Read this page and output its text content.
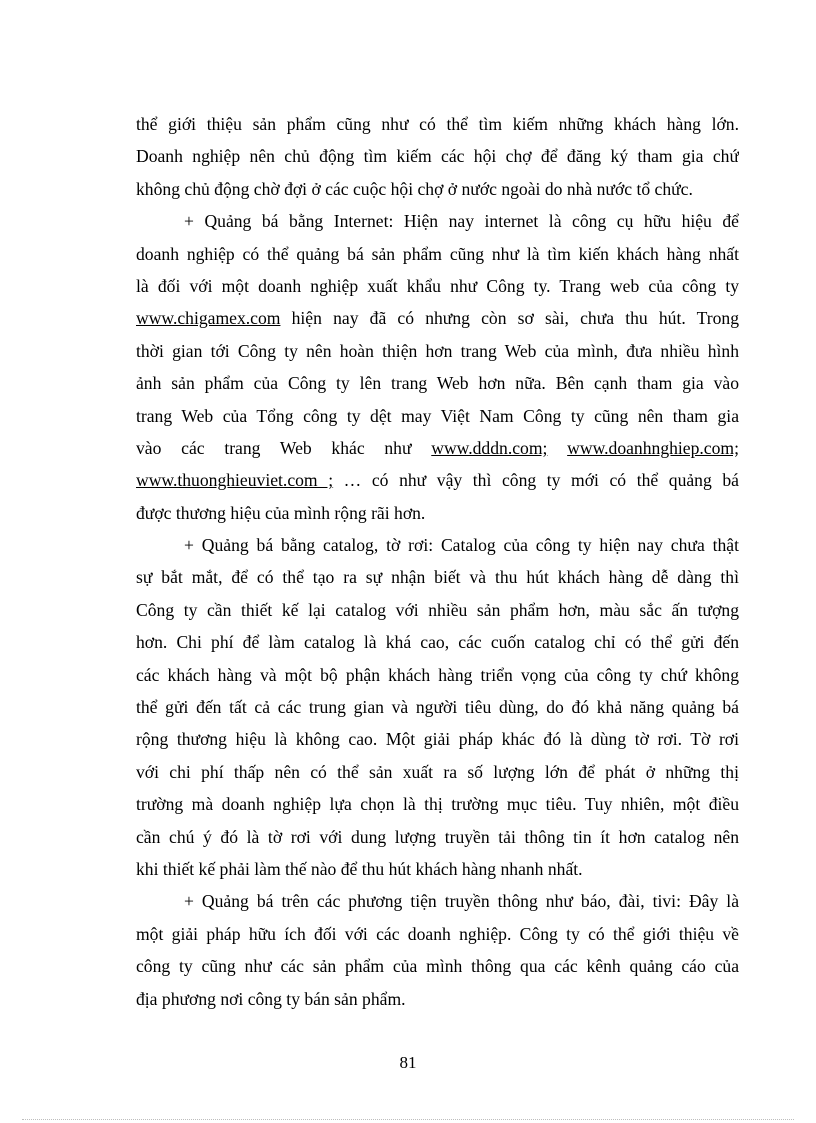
thể giới thiệu sản phẩm cũng như có thể tìm kiếm những khách hàng lớn.
Doanh nghiệp nên chủ động tìm kiếm các hội chợ để đăng ký tham gia chứ
không chủ động chờ đợi ở các cuộc hội chợ ở nước ngoài do nhà nước tổ chức.
+ Quảng bá bằng Internet: Hiện nay internet là công cụ hữu hiệu để
doanh nghiệp có thể quảng bá sản phẩm cũng như là tìm kiến khách hàng nhất
là đối với một doanh nghiệp xuất khẩu như Công ty. Trang web của công ty
www.chigamex.com hiện nay đã có nhưng còn sơ sài, chưa thu hút. Trong
thời gian tới Công ty nên hoàn thiện hơn trang Web của mình, đưa nhiều hình
ảnh sản phẩm của Công ty lên trang Web hơn nữa. Bên cạnh tham gia vào
trang Web của Tổng công ty dệt may Việt Nam Công ty cũng nên tham gia
vào các trang Web khác như www.dddn.com; www.doanhnghiep.com;
www.thuonghieuviet.com ; … có như vậy thì công ty mới có thể quảng bá
được thương hiệu của mình rộng rãi hơn.
+ Quảng bá bằng catalog, tờ rơi: Catalog của công ty hiện nay chưa thật
sự bắt mắt, để có thể tạo ra sự nhận biết và thu hút khách hàng dễ dàng thì
Công ty cần thiết kế lại catalog với nhiều sản phẩm hơn, màu sắc ấn tượng
hơn. Chi phí để làm catalog là khá cao, các cuốn catalog chỉ có thể gửi đến
các khách hàng và một bộ phận khách hàng triển vọng của công ty chứ không
thể gửi đến tất cả các trung gian và người tiêu dùng, do đó khả năng quảng bá
rộng thương hiệu là không cao. Một giải pháp khác đó là dùng tờ rơi. Tờ rơi
với chi phí thấp nên có thể sản xuất ra số lượng lớn để phát ở những thị
trường mà doanh nghiệp lựa chọn là thị trường mục tiêu. Tuy nhiên, một điều
cần chú ý đó là tờ rơi với dung lượng truyền tải thông tin ít hơn catalog nên
khi thiết kế phải làm thế nào để thu hút khách hàng nhanh nhất.
+ Quảng bá trên các phương tiện truyền thông như báo, đài, tivi: Đây là
một giải pháp hữu ích đối với các doanh nghiệp. Công ty có thể giới thiệu về
công ty cũng như các sản phẩm của mình thông qua các kênh quảng cáo của
địa phương nơi công ty bán sản phẩm.
81
